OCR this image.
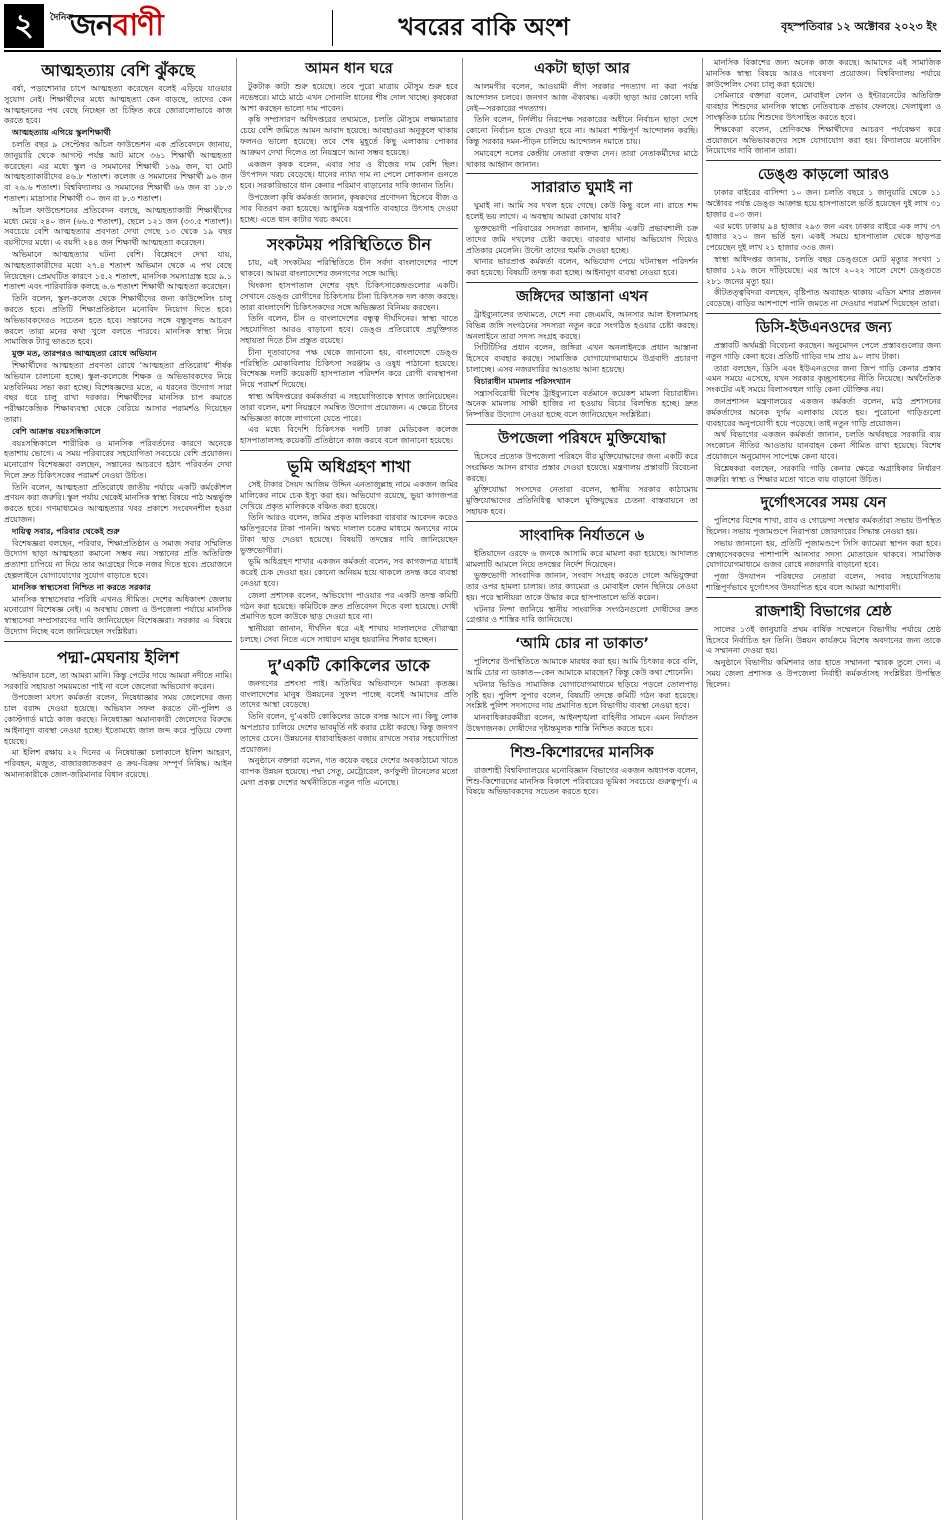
২	দৈনিক
জনবাণী	খবরের বাকি অংশ	বৃহস্পতিবার ১২ অক্টোবর ২০২৩ ইং
আত্মহত্যায় বেশি ঝুঁকছে

বর্ষা, পড়াশোনার চাপে আত্মহত্যা করেছেন বলেই এড়িয়ে যাওয়ার সুযোগ নেই। শিক্ষার্থীদের মধ্যে আত্মহত্যা কেন বাড়ছে, তাদের কেন আত্মহননের পথ বেছে নিচ্ছেন তা চিহ্নিত করে জোরালোভাবে কাজ করতে হবে।

আত্মহত্যায় এগিয়ে স্কুলশিক্ষার্থী

চলতি বছর ৯ সেপ্টেম্বর আঁচল ফাউন্ডেশন এক প্রতিবেদনে জানায়, জানুয়ারি থেকে আগস্ট পর্যন্ত আট মাসে ৩৬১ শিক্ষার্থী আত্মহত্যা করেছেন। এর মধ্যে স্কুল ও সমমানের শিক্ষার্থী ১৬৯ জন, যা মোট আত্মহত্যাকারীদের ৪৬.৮ শতাংশ। কলেজ ও সমমানের শিক্ষার্থী ৯৬ জন বা ২৬.৬ শতাংশ। বিশ্ববিদ্যালয় ও সমমানের শিক্ষার্থী ৬৬ জন বা ১৮.৩ শতাংশ। মাদ্রাসার শিক্ষার্থী ৩০ জন বা ৮.৩ শতাংশ।

আঁচল ফাউন্ডেশনের প্রতিবেদন বলছে, আত্মহত্যাকারী শিক্ষার্থীদের মধ্যে মেয়ে ২৪০ জন (৬৬.৫ শতাংশ), ছেলে ১২১ জন (৩৩.৫ শতাংশ)। সবচেয়ে বেশি আত্মহত্যার প্রবণতা দেখা গেছে ১৩ থেকে ১৯ বছর বয়সীদের মধ্যে। এ বয়সী ২৪৪ জন শিক্ষার্থী আত্মহত্যা করেছেন।

অভিমানে আত্মহত্যার ঘটনা বেশি। বিশ্লেষণে দেখা যায়, আত্মহত্যাকারীদের মধ্যে ২৭.৪ শতাংশ অভিমান থেকে এ পথ বেছে নিয়েছেন। প্রেমঘটিত কারণে ১৫.২ শতাংশ, মানসিক সমস্যাগ্রস্ত হয়ে ৯.১ শতাংশ এবং পারিবারিক কলহে ৬.৬ শতাংশ শিক্ষার্থী আত্মহত্যা করেছেন।

তিনি বলেন, স্কুল-কলেজ থেকে শিক্ষার্থীদের জন্য কাউন্সেলিং চালু করতে হবে। প্রতিটি শিক্ষাপ্রতিষ্ঠানে মনোবিদ নিয়োগ দিতে হবে। অভিভাবকদেরও সচেতন হতে হবে। সন্তানের সঙ্গে বন্ধুসুলভ আচরণ করলে তারা মনের কথা খুলে বলতে পারবে। মানসিক স্বাস্থ্য নিয়ে সামাজিক ট্যাবু ভাঙতে হবে।

মুক্ত মত, তারপরও আত্মহত্যা রোধে অভিযান

শিক্ষার্থীদের আত্মহত্যা প্রবণতা রোধে ‘আত্মহত্যা প্রতিরোধ’ শীর্ষক অভিযান চালানো হচ্ছে। স্কুল-কলেজে শিক্ষক ও অভিভাবকদের নিয়ে মতবিনিময় সভা করা হচ্ছে। বিশেষজ্ঞদের মতে, এ ধরনের উদ্যোগ সারা বছর ধরে চালু রাখা দরকার। শিক্ষার্থীদের মানসিক চাপ কমাতে পরীক্ষাকেন্দ্রিক শিক্ষাব্যবস্থা থেকে বেরিয়ে আসার পরামর্শও দিয়েছেন তারা।

বেশি আক্রান্ত বয়ঃসন্ধিকালে

বয়ঃসন্ধিকালে শারীরিক ও মানসিক পরিবর্তনের কারণে অনেকে হতাশায় ভোগে। এ সময় পরিবারের সহযোগিতা সবচেয়ে বেশি প্রয়োজন। মনোরোগ বিশেষজ্ঞরা বলছেন, সন্তানের আচরণে হঠাৎ পরিবর্তন দেখা দিলে দ্রুত চিকিৎসকের পরামর্শ নেওয়া উচিত।

তিনি বলেন, আত্মহত্যা প্রতিরোধে জাতীয় পর্যায়ে একটি কর্মকৌশল প্রণয়ন করা জরুরি। স্কুল পর্যায় থেকেই মানসিক স্বাস্থ্য বিষয়ে পাঠ অন্তর্ভুক্ত করতে হবে। গণমাধ্যমেও আত্মহত্যার খবর প্রকাশে সংবেদনশীল হওয়া প্রয়োজন।

দায়িত্ব সবার, পরিবার থেকেই শুরু

বিশেষজ্ঞরা বলছেন, পরিবার, শিক্ষাপ্রতিষ্ঠান ও সমাজ সবার সম্মিলিত উদ্যোগ ছাড়া আত্মহত্যা কমানো সম্ভব নয়। সন্তানের প্রতি অতিরিক্ত প্রত্যাশা চাপিয়ে না দিয়ে তার আগ্রহের দিকে নজর দিতে হবে। প্রয়োজনে হেল্পলাইনে যোগাযোগের সুযোগ বাড়াতে হবে।

মানসিক স্বাস্থ্যসেবা নিশ্চিত না করতে সরকার

মানসিক স্বাস্থ্যসেবার পরিধি এখনও সীমিত। দেশের অধিকাংশ জেলায় মনোরোগ বিশেষজ্ঞ নেই। এ অবস্থায় জেলা ও উপজেলা পর্যায়ে মানসিক স্বাস্থ্যসেবা সম্প্রসারণের দাবি জানিয়েছেন বিশেষজ্ঞরা। সরকার এ বিষয়ে উদ্যোগ নিচ্ছে বলে জানিয়েছেন সংশ্লিষ্টরা।

পদ্মা-মেঘনায় ইলিশ

অভিযান চলে, তা আমরা মানি। কিন্তু পেটের দায়ে আমরা নদীতে নামি। সরকারি সহায়তা সময়মতো পাই না বলে জেলেরা অভিযোগ করেন।

উপজেলা মৎস্য কর্মকর্তা বলেন, নিষেধাজ্ঞার সময় জেলেদের জন্য চাল বরাদ্দ দেওয়া হয়েছে। অভিযান সফল করতে নৌ-পুলিশ ও কোস্টগার্ড মাঠে কাজ করছে। নিষেধাজ্ঞা অমান্যকারী জেলেদের বিরুদ্ধে আইনানুগ ব্যবস্থা নেওয়া হচ্ছে। ইতোমধ্যে জাল জব্দ করে পুড়িয়ে ফেলা হয়েছে।

মা ইলিশ রক্ষায় ২২ দিনের এ নিষেধাজ্ঞা চলাকালে ইলিশ আহরণ, পরিবহন, মজুত, বাজারজাতকরণ ও ক্রয়-বিক্রয় সম্পূর্ণ নিষিদ্ধ। আইন অমান্যকারীকে জেল-জরিমানার বিধান রয়েছে।

আমন ধান ঘরে

টুকটাক কাটা শুরু হয়েছে। তবে পুরো মাত্রায় মৌসুম শুরু হবে নভেম্বরে। মাঠে মাঠে এখন সোনালি ধানের শীষ দোল খাচ্ছে। কৃষকেরা আশা করছেন ভালো দাম পাবেন।

কৃষি সম্প্রসারণ অধিদপ্তরের তথ্যমতে, চলতি মৌসুমে লক্ষ্যমাত্রার চেয়ে বেশি জমিতে আমন আবাদ হয়েছে। আবহাওয়া অনুকূলে থাকায় ফলনও ভালো হয়েছে। তবে শেষ মুহূর্তে কিছু এলাকায় পোকার আক্রমণ দেখা দিলেও তা নিয়ন্ত্রণে আনা সম্ভব হয়েছে।

একজন কৃষক বলেন, এবার সার ও বীজের দাম বেশি ছিল। উৎপাদন খরচ বেড়েছে। ধানের ন্যায্য দাম না পেলে লোকসান গুনতে হবে। সরকারিভাবে ধান কেনার পরিমাণ বাড়ানোর দাবি জানান তিনি।

উপজেলা কৃষি কর্মকর্তা জানান, কৃষকদের প্রণোদনা হিসেবে বীজ ও সার বিতরণ করা হয়েছে। আধুনিক যন্ত্রপাতি ব্যবহারে উৎসাহ দেওয়া হচ্ছে। এতে ধান কাটার খরচ কমবে।

সংকটময় পরিস্থিতিতে চীন

চায়, এই সংকটময় পরিস্থিতিতে চীন সর্বদা বাংলাদেশের পাশে থাকবে। আমরা বাংলাদেশের জনগণের সঙ্গে আছি।

থিংকসা হাসপাতাল দেশের বৃহৎ চিকিৎসাকেন্দ্রগুলোর একটি। সেখানে ডেঙ্গু রোগীদের চিকিৎসায় চীনা চিকিৎসক দল কাজ করছে। তারা বাংলাদেশি চিকিৎসকদের সঙ্গে অভিজ্ঞতা বিনিময় করছেন।

তিনি বলেন, চীন ও বাংলাদেশের বন্ধুত্ব দীর্ঘদিনের। স্বাস্থ্য খাতে সহযোগিতা আরও বাড়ানো হবে। ডেঙ্গু প্রতিরোধে প্রযুক্তিগত সহায়তা দিতে চীন প্রস্তুত রয়েছে।

চীনা দূতাবাসের পক্ষ থেকে জানানো হয়, বাংলাদেশে ডেঙ্গু পরিস্থিতি মোকাবিলায় চিকিৎসা সরঞ্জাম ও ওষুধ পাঠানো হয়েছে। বিশেষজ্ঞ দলটি কয়েকটি হাসপাতাল পরিদর্শন করে রোগী ব্যবস্থাপনা নিয়ে পরামর্শ দিয়েছে।

স্বাস্থ্য অধিদপ্তরের কর্মকর্তারা এ সহযোগিতাকে স্বাগত জানিয়েছেন। তারা বলেন, মশা নিয়ন্ত্রণে সমন্বিত উদ্যোগ প্রয়োজন। এ ক্ষেত্রে চীনের অভিজ্ঞতা কাজে লাগানো যেতে পারে।

এর মধ্যে বিদেশি চিকিৎসক দলটি ঢাকা মেডিকেল কলেজ হাসপাতালসহ কয়েকটি প্রতিষ্ঠানে কাজ করবে বলে জানানো হয়েছে।

ভূমি অধিগ্রহণ শাখা

সেই টাকার সৈয়দ আজিম উদ্দিন এনতাজুল্লাহ নামে একজন জমির মালিকের নামে চেক ইস্যু করা হয়। অভিযোগ রয়েছে, ভুয়া কাগজপত্র দেখিয়ে প্রকৃত মালিককে বঞ্চিত করা হয়েছে।

তিনি আরও বলেন, জমির প্রকৃত মালিকরা বারবার আবেদন করেও ক্ষতিপূরণের টাকা পাননি। অথচ দালাল চক্রের মাধ্যমে অন্যদের নামে টাকা ছাড় দেওয়া হয়েছে। বিষয়টি তদন্তের দাবি জানিয়েছেন ভুক্তভোগীরা।

ভূমি অধিগ্রহণ শাখার একজন কর্মকর্তা বলেন, সব কাগজপত্র যাচাই করেই চেক দেওয়া হয়। কোনো অনিয়ম হয়ে থাকলে তদন্ত করে ব্যবস্থা নেওয়া হবে।

জেলা প্রশাসক বলেন, অভিযোগ পাওয়ার পর একটি তদন্ত কমিটি গঠন করা হয়েছে। কমিটিকে দ্রুত প্রতিবেদন দিতে বলা হয়েছে। দোষী প্রমাণিত হলে কাউকে ছাড় দেওয়া হবে না।

স্থানীয়রা জানান, দীর্ঘদিন ধরে এই শাখায় দালালদের দৌরাত্ম্য চলছে। সেবা নিতে এসে সাধারণ মানুষ হয়রানির শিকার হচ্ছেন।

দু’একটি কোকিলের ডাকে

জনগণের প্রশংসা পাই। অতিথির অভিবাদনে আমরা কৃতজ্ঞ। বাংলাদেশের মানুষ উন্নয়নের সুফল পাচ্ছে বলেই আমাদের প্রতি তাদের আস্থা বেড়েছে।

তিনি বলেন, দু’একটি কোকিলের ডাকে বসন্ত আসে না। কিছু লোক অপপ্রচার চালিয়ে দেশের ভাবমূর্তি নষ্ট করার চেষ্টা করছে। কিন্তু জনগণ তাদের চেনে। উন্নয়নের ধারাবাহিকতা বজায় রাখতে সবার সহযোগিতা প্রয়োজন।

অনুষ্ঠানে বক্তারা বলেন, গত কয়েক বছরে দেশের অবকাঠামো খাতে ব্যাপক উন্নয়ন হয়েছে। পদ্মা সেতু, মেট্রোরেল, কর্ণফুলী টানেলের মতো মেগা প্রকল্প দেশের অর্থনীতিতে নতুন গতি এনেছে।

একটা ছাড়া আর

আলমগীর বলেন, আওয়ামী লীগ সরকার পদত্যাগ না করা পর্যন্ত আন্দোলন চলবে। জনগণ আজ ঐক্যবদ্ধ। একটা ছাড়া আর কোনো দাবি নেই—সরকারের পদত্যাগ।

তিনি বলেন, নির্দলীয় নিরপেক্ষ সরকারের অধীনে নির্বাচন ছাড়া দেশে কোনো নির্বাচন হতে দেওয়া হবে না। আমরা শান্তিপূর্ণ আন্দোলন করছি। কিন্তু সরকার দমন-পীড়ন চালিয়ে আন্দোলন দমাতে চায়।

সমাবেশে দলের কেন্দ্রীয় নেতারা বক্তব্য দেন। তারা নেতাকর্মীদের মাঠে থাকার আহ্বান জানান।

সারারাত ঘুমাই না

ঘুমাই না। আমি সব দখল হয়ে গেছে। কেউ কিছু বলে না। রাতে শব্দ হলেই ভয় লাগে। এ অবস্থায় আমরা কোথায় যাব?

ভুক্তভোগী পরিবারের সদস্যরা জানান, স্থানীয় একটি প্রভাবশালী চক্র তাদের জমি দখলের চেষ্টা করছে। বারবার থানায় অভিযোগ দিয়েও প্রতিকার মেলেনি। উল্টো তাদের হুমকি দেওয়া হচ্ছে।

থানার ভারপ্রাপ্ত কর্মকর্তা বলেন, অভিযোগ পেয়ে ঘটনাস্থল পরিদর্শন করা হয়েছে। বিষয়টি তদন্ত করা হচ্ছে। আইনানুগ ব্যবস্থা নেওয়া হবে।

জঙ্গিদের আস্তানা এখন

ট্রাইব্যুনালের তথ্যমতে, দেশে নব্য জেএমবি, আনসার আল ইসলামসহ বিভিন্ন জঙ্গি সংগঠনের সদস্যরা নতুন করে সংগঠিত হওয়ার চেষ্টা করছে। অনলাইনে তারা সদস্য সংগ্রহ করছে।

সিটিটিসির প্রধান বলেন, জঙ্গিরা এখন অনলাইনকে প্রধান আস্তানা হিসেবে ব্যবহার করছে। সামাজিক যোগাযোগমাধ্যমে উগ্রবাদী প্রচারণা চালাচ্ছে। এসব নজরদারির আওতায় আনা হয়েছে।

বিচারাধীন মামলার পরিসংখ্যান

সন্ত্রাসবিরোধী বিশেষ ট্রাইব্যুনালে বর্তমানে কয়েকশ মামলা বিচারাধীন। অনেক মামলায় সাক্ষী হাজির না হওয়ায় বিচার বিলম্বিত হচ্ছে। দ্রুত নিষ্পত্তির উদ্যোগ নেওয়া হচ্ছে বলে জানিয়েছেন সংশ্লিষ্টরা।

উপজেলা পরিষদে মুক্তিযোদ্ধা

হিসেবে প্রত্যেক উপজেলা পরিষদে বীর মুক্তিযোদ্ধাদের জন্য একটি করে সংরক্ষিত আসন রাখার প্রস্তাব দেওয়া হয়েছে। মন্ত্রণালয় প্রস্তাবটি বিবেচনা করছে।

মুক্তিযোদ্ধা সংসদের নেতারা বলেন, স্থানীয় সরকার কাঠামোয় মুক্তিযোদ্ধাদের প্রতিনিধিত্ব থাকলে মুক্তিযুদ্ধের চেতনা বাস্তবায়নে তা সহায়ক হবে।

সাংবাদিক নির্যাতনে ৬

ইতিয়াদেন ওরফে ৬ জনকে আসামি করে মামলা করা হয়েছে। আদালত মামলাটি আমলে নিয়ে তদন্তের নির্দেশ দিয়েছেন।

ভুক্তভোগী সাংবাদিক জানান, সংবাদ সংগ্রহ করতে গেলে অভিযুক্তরা তার ওপর হামলা চালায়। তার ক্যামেরা ও মোবাইল ফোন ছিনিয়ে নেওয়া হয়। পরে স্থানীয়রা তাকে উদ্ধার করে হাসপাতালে ভর্তি করেন।

ঘটনার নিন্দা জানিয়ে স্থানীয় সাংবাদিক সংগঠনগুলো দোষীদের দ্রুত গ্রেপ্তার ও শাস্তির দাবি জানিয়েছে।

‘আমি চোর না ডাকাত’

পুলিশের উপস্থিতিতে আমাকে মারধর করা হয়। আমি চিৎকার করে বলি, আমি চোর না ডাকাত—কেন আমাকে মারছেন? কিন্তু কেউ কথা শোনেনি।

ঘটনার ভিডিও সামাজিক যোগাযোগমাধ্যমে ছড়িয়ে পড়লে তোলপাড় সৃষ্টি হয়। পুলিশ সুপার বলেন, বিষয়টি তদন্তে কমিটি গঠন করা হয়েছে। সংশ্লিষ্ট পুলিশ সদস্যদের দায় প্রমাণিত হলে বিভাগীয় ব্যবস্থা নেওয়া হবে।

মানবাধিকারকর্মীরা বলেন, আইনশৃঙ্খলা বাহিনীর সামনে এমন নির্যাতন উদ্বেগজনক। দোষীদের দৃষ্টান্তমূলক শাস্তি নিশ্চিত করতে হবে।

শিশু-কিশোরদের মানসিক

রাজশাহী বিশ্ববিদ্যালয়ের মনোবিজ্ঞান বিভাগের একজন অধ্যাপক বলেন, শিশু-কিশোরদের মানসিক বিকাশে পরিবারের ভূমিকা সবচেয়ে গুরুত্বপূর্ণ। এ বিষয়ে অভিভাবকদের সচেতন করতে হবে।

মানসিক বিকাশের জন্য অনেক কাজ করছে। আমাদের এই সামাজিক মানসিক স্বাস্থ্য বিষয়ে আরও গবেষণা প্রয়োজন। বিশ্ববিদ্যালয় পর্যায়ে কাউন্সেলিং সেবা চালু করা হয়েছে।

সেমিনারে বক্তারা বলেন, মোবাইল ফোন ও ইন্টারনেটের অতিরিক্ত ব্যবহার শিশুদের মানসিক স্বাস্থ্যে নেতিবাচক প্রভাব ফেলছে। খেলাধুলা ও সাংস্কৃতিক চর্চায় শিশুদের উৎসাহিত করতে হবে।

শিক্ষকেরা বলেন, শ্রেণিকক্ষে শিক্ষার্থীদের আচরণ পর্যবেক্ষণ করে প্রয়োজনে অভিভাবকদের সঙ্গে যোগাযোগ করা হয়। বিদ্যালয়ে মনোবিদ নিয়োগের দাবি জানান তারা।

ডেঙ্গু কাড়লো আরও

ঢাকার বাইরের বাসিন্দা ১০ জন। চলতি বছরে ১ জানুয়ারি থেকে ১১ অক্টোবর পর্যন্ত ডেঙ্গু আক্রান্ত হয়ে হাসপাতালে ভর্তি হয়েছেন দুই লাখ ৩১ হাজার ৫০৩ জন।

এর মধ্যে ঢাকায় ৯৪ হাজার ২৯৩ জন এবং ঢাকার বাইরে এক লাখ ৩৭ হাজার ২১০ জন ভর্তি হন। একই সময়ে হাসপাতাল থেকে ছাড়পত্র পেয়েছেন দুই লাখ ২১ হাজার ৩৩৪ জন।

স্বাস্থ্য অধিদপ্তর জানায়, চলতি বছর ডেঙ্গুতে মোট মৃত্যুর সংখ্যা ১ হাজার ১২৯ জনে দাঁড়িয়েছে। এর আগে ২০২২ সালে দেশে ডেঙ্গুতে ২৮১ জনের মৃত্যু হয়।

কীটতত্ত্ববিদরা বলছেন, বৃষ্টিপাত অব্যাহত থাকায় এডিস মশার প্রজনন বেড়েছে। বাড়ির আশপাশে পানি জমতে না দেওয়ার পরামর্শ দিয়েছেন তারা।

ডিসি-ইউএনওদের জন্য

প্রস্তাবটি অর্থমন্ত্রী বিবেচনা করছেন। অনুমোদন পেলে প্রস্তাবগুলোর জন্য নতুন গাড়ি কেনা হবে। প্রতিটি গাড়ির দাম প্রায় ৯০ লাখ টাকা।

তারা বলছেন, ডিসি এবং ইউএনওদের জন্য জিপ গাড়ি কেনার প্রস্তাব এমন সময়ে এসেছে, যখন সরকার কৃচ্ছ্রসাধনের নীতি নিয়েছে। অর্থনৈতিক সংকটের এই সময়ে বিলাসবহুল গাড়ি কেনা যৌক্তিক নয়।

জনপ্রশাসন মন্ত্রণালয়ের একজন কর্মকর্তা বলেন, মাঠ প্রশাসনের কর্মকর্তাদের অনেক দুর্গম এলাকায় যেতে হয়। পুরোনো গাড়িগুলো ব্যবহারের অনুপযোগী হয়ে পড়েছে। তাই নতুন গাড়ি প্রয়োজন।

অর্থ বিভাগের একজন কর্মকর্তা জানান, চলতি অর্থবছরে সরকারি ব্যয় সংকোচন নীতির আওতায় যানবাহন কেনা সীমিত রাখা হয়েছে। বিশেষ প্রয়োজনে অনুমোদন সাপেক্ষে কেনা যাবে।

বিশ্লেষকরা বলছেন, সরকারি গাড়ি কেনার ক্ষেত্রে অগ্রাধিকার নির্ধারণ জরুরি। স্বাস্থ্য ও শিক্ষার মতো খাতে ব্যয় বাড়ানো উচিত।

দুর্গোৎসবের সময় যেন

পুলিশের বিশেষ শাখা, র‍্যাব ও গোয়েন্দা সংস্থার কর্মকর্তারা সভায় উপস্থিত ছিলেন। সভায় পূজামণ্ডপে নিরাপত্তা জোরদারের সিদ্ধান্ত নেওয়া হয়।

সভায় জানানো হয়, প্রতিটি পূজামণ্ডপে সিসি ক্যামেরা স্থাপন করা হবে। স্বেচ্ছাসেবকদের পাশাপাশি আনসার সদস্য মোতায়েন থাকবে। সামাজিক যোগাযোগমাধ্যমে গুজব রোধে নজরদারি বাড়ানো হবে।

পূজা উদযাপন পরিষদের নেতারা বলেন, সবার সহযোগিতায় শান্তিপূর্ণভাবে দুর্গোৎসব উদযাপিত হবে বলে আমরা আশাবাদী।

রাজশাহী বিভাগের শ্রেষ্ঠ

সালের ১৩ই জানুয়ারি প্রথম বার্ষিক সম্মেলনে বিভাগীয় পর্যায়ে শ্রেষ্ঠ হিসেবে নির্বাচিত হন তিনি। উন্নয়ন কার্যক্রমে বিশেষ অবদানের জন্য তাকে এ সম্মাননা দেওয়া হয়।

অনুষ্ঠানে বিভাগীয় কমিশনার তার হাতে সম্মাননা স্মারক তুলে দেন। এ সময় জেলা প্রশাসক ও উপজেলা নির্বাহী কর্মকর্তাসহ সংশ্লিষ্টরা উপস্থিত ছিলেন।
